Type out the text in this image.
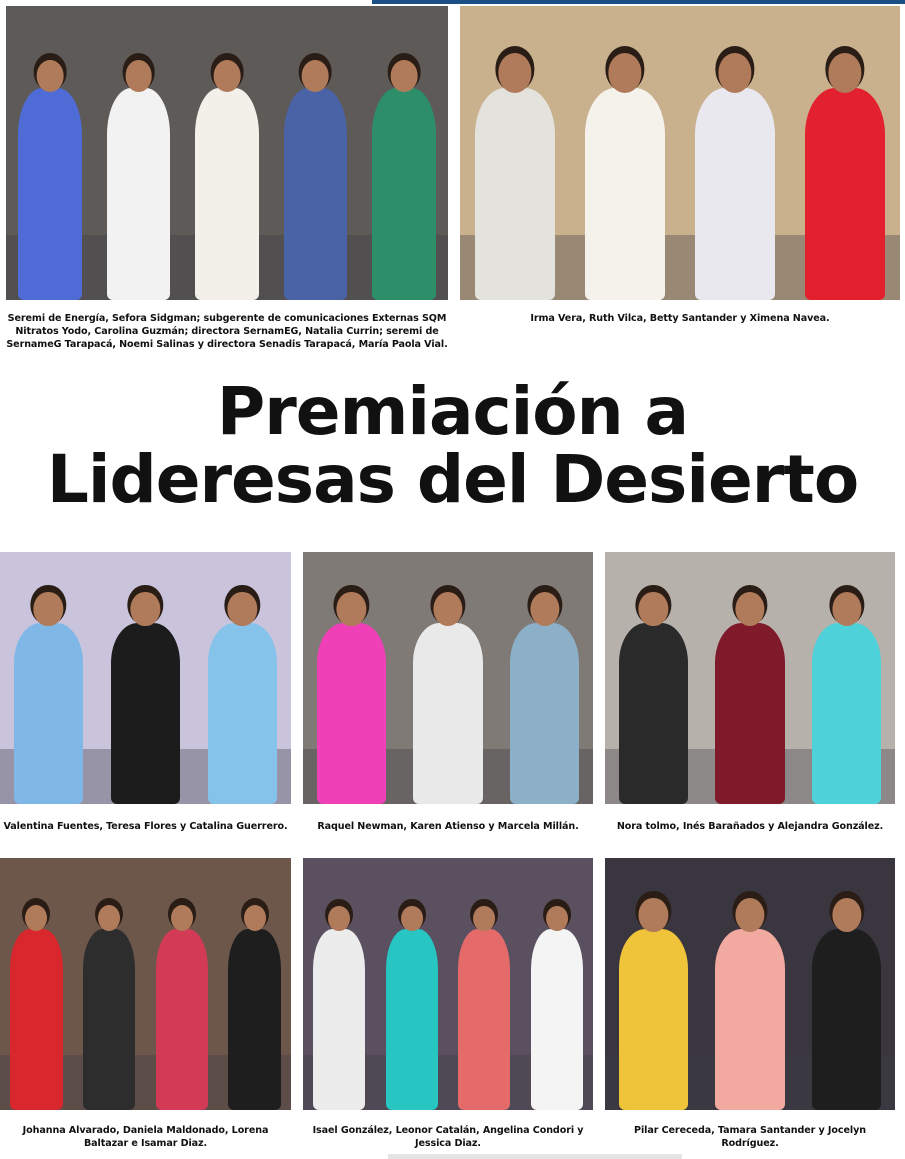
Seremi de Energía, Sefora Sidgman; subgerente de comunicaciones Externas SQM Nitratos Yodo, Carolina Guzmán; directora SernamEG, Natalia Currin; seremi de SernameG Tarapacá, Noemi Salinas y directora Senadis Tarapacá, María Paola Vial.
Irma Vera, Ruth Vilca, Betty Santander y Ximena Navea.
Premiación a
Lideresas del Desierto
Valentina Fuentes, Teresa Flores y Catalina Guerrero.	Raquel Newman, Karen Atienso y Marcela Millán.	Nora tolmo, Inés Barañados y Alejandra González.
Johanna Alvarado, Daniela Maldonado, Lorena Baltazar e Isamar Diaz.
Isael González, Leonor Catalán, Angelina Condori y Jessica Diaz.
Pilar Cereceda, Tamara Santander y Jocelyn Rodríguez.
